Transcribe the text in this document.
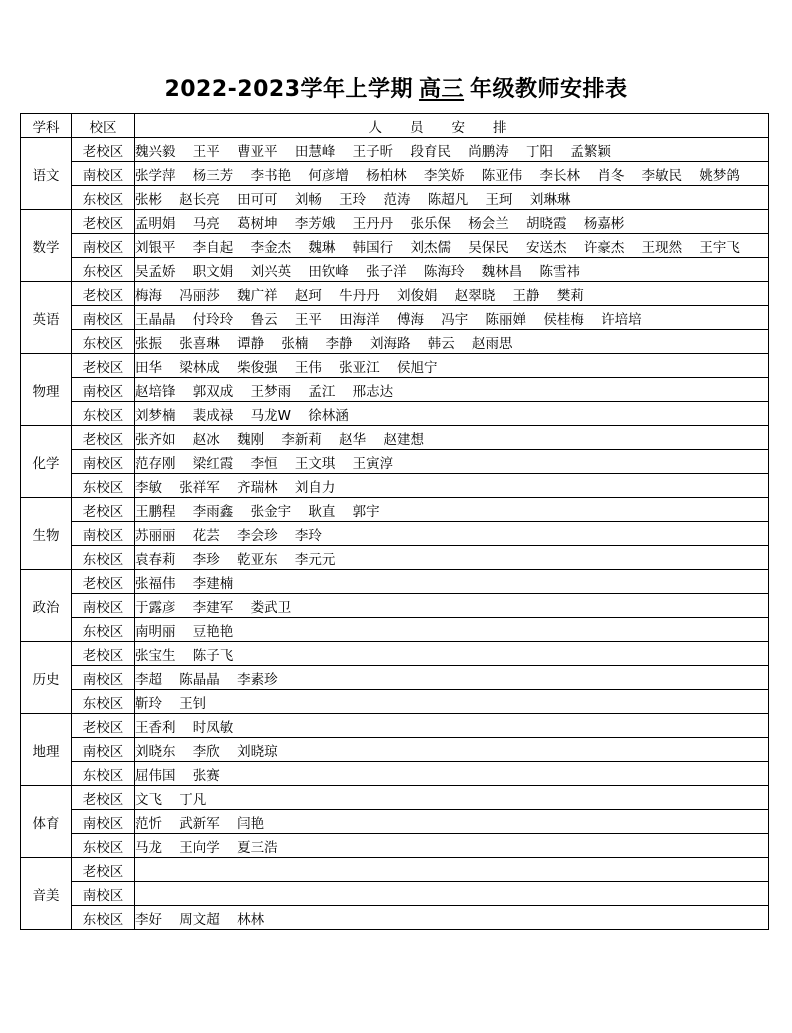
2022-2023学年上学期 高三 年级教师安排表
学科	校区	人员安排
语文	老校区	魏兴毅 王平 曹亚平 田慧峰 王子昕 段育民 尚鹏涛 丁阳 孟繁颖
	南校区	张学萍 杨三芳 李书艳 何彦增 杨柏林 李笑娇 陈亚伟 李长林 肖冬 李敏民 姚梦鸽
	东校区	张彬 赵长亮 田可可 刘畅 王玲 范涛 陈超凡 王珂 刘琳琳
数学	老校区	孟明娟 马亮 葛树坤 李芳娥 王丹丹 张乐保 杨会兰 胡晓霞 杨嘉彬
	南校区	刘银平 李自起 李金杰 魏琳 韩国行 刘杰儒 吴保民 安送杰 许豪杰 王现然 王宇飞
	东校区	吴孟娇 职文娟 刘兴英 田钦峰 张子洋 陈海玲 魏林昌 陈雪祎
英语	老校区	梅海 冯丽莎 魏广祥 赵珂 牛丹丹 刘俊娟 赵翠晓 王静 樊莉
	南校区	王晶晶 付玲玲 鲁云 王平 田海洋 傅海 冯宇 陈丽婵 侯桂梅 许培培
	东校区	张振 张喜琳 谭静 张楠 李静 刘海路 韩云 赵雨思
物理	老校区	田华 梁林成 柴俊强 王伟 张亚江 侯旭宁
	南校区	赵培锋 郭双成 王梦雨 孟江 邢志达
	东校区	刘梦楠 裴成禄 马龙W 徐林涵
化学	老校区	张齐如 赵冰 魏刚 李新莉 赵华 赵建想
	南校区	范存刚 梁红霞 李恒 王文琪 王寅淳
	东校区	李敏 张祥军 齐瑞林 刘自力
生物	老校区	王鹏程 李雨鑫 张金宇 耿直 郭宇
	南校区	苏丽丽 花芸 李会珍 李玲
	东校区	袁春莉 李珍 乾亚东 李元元
政治	老校区	张福伟 李建楠
	南校区	于露彦 李建军 娄武卫
	东校区	南明丽 豆艳艳
历史	老校区	张宝生 陈子飞
	南校区	李超 陈晶晶 李素珍
	东校区	靳玲 王钊
地理	老校区	王香利 时凤敏
	南校区	刘晓东 李欣 刘晓琼
	东校区	屈伟国 张赛
体育	老校区	文飞 丁凡
	南校区	范忻 武新军 闫艳
	东校区	马龙 王向学 夏三浩
音美	老校区	
	南校区	
	东校区	李好 周文超 林林
